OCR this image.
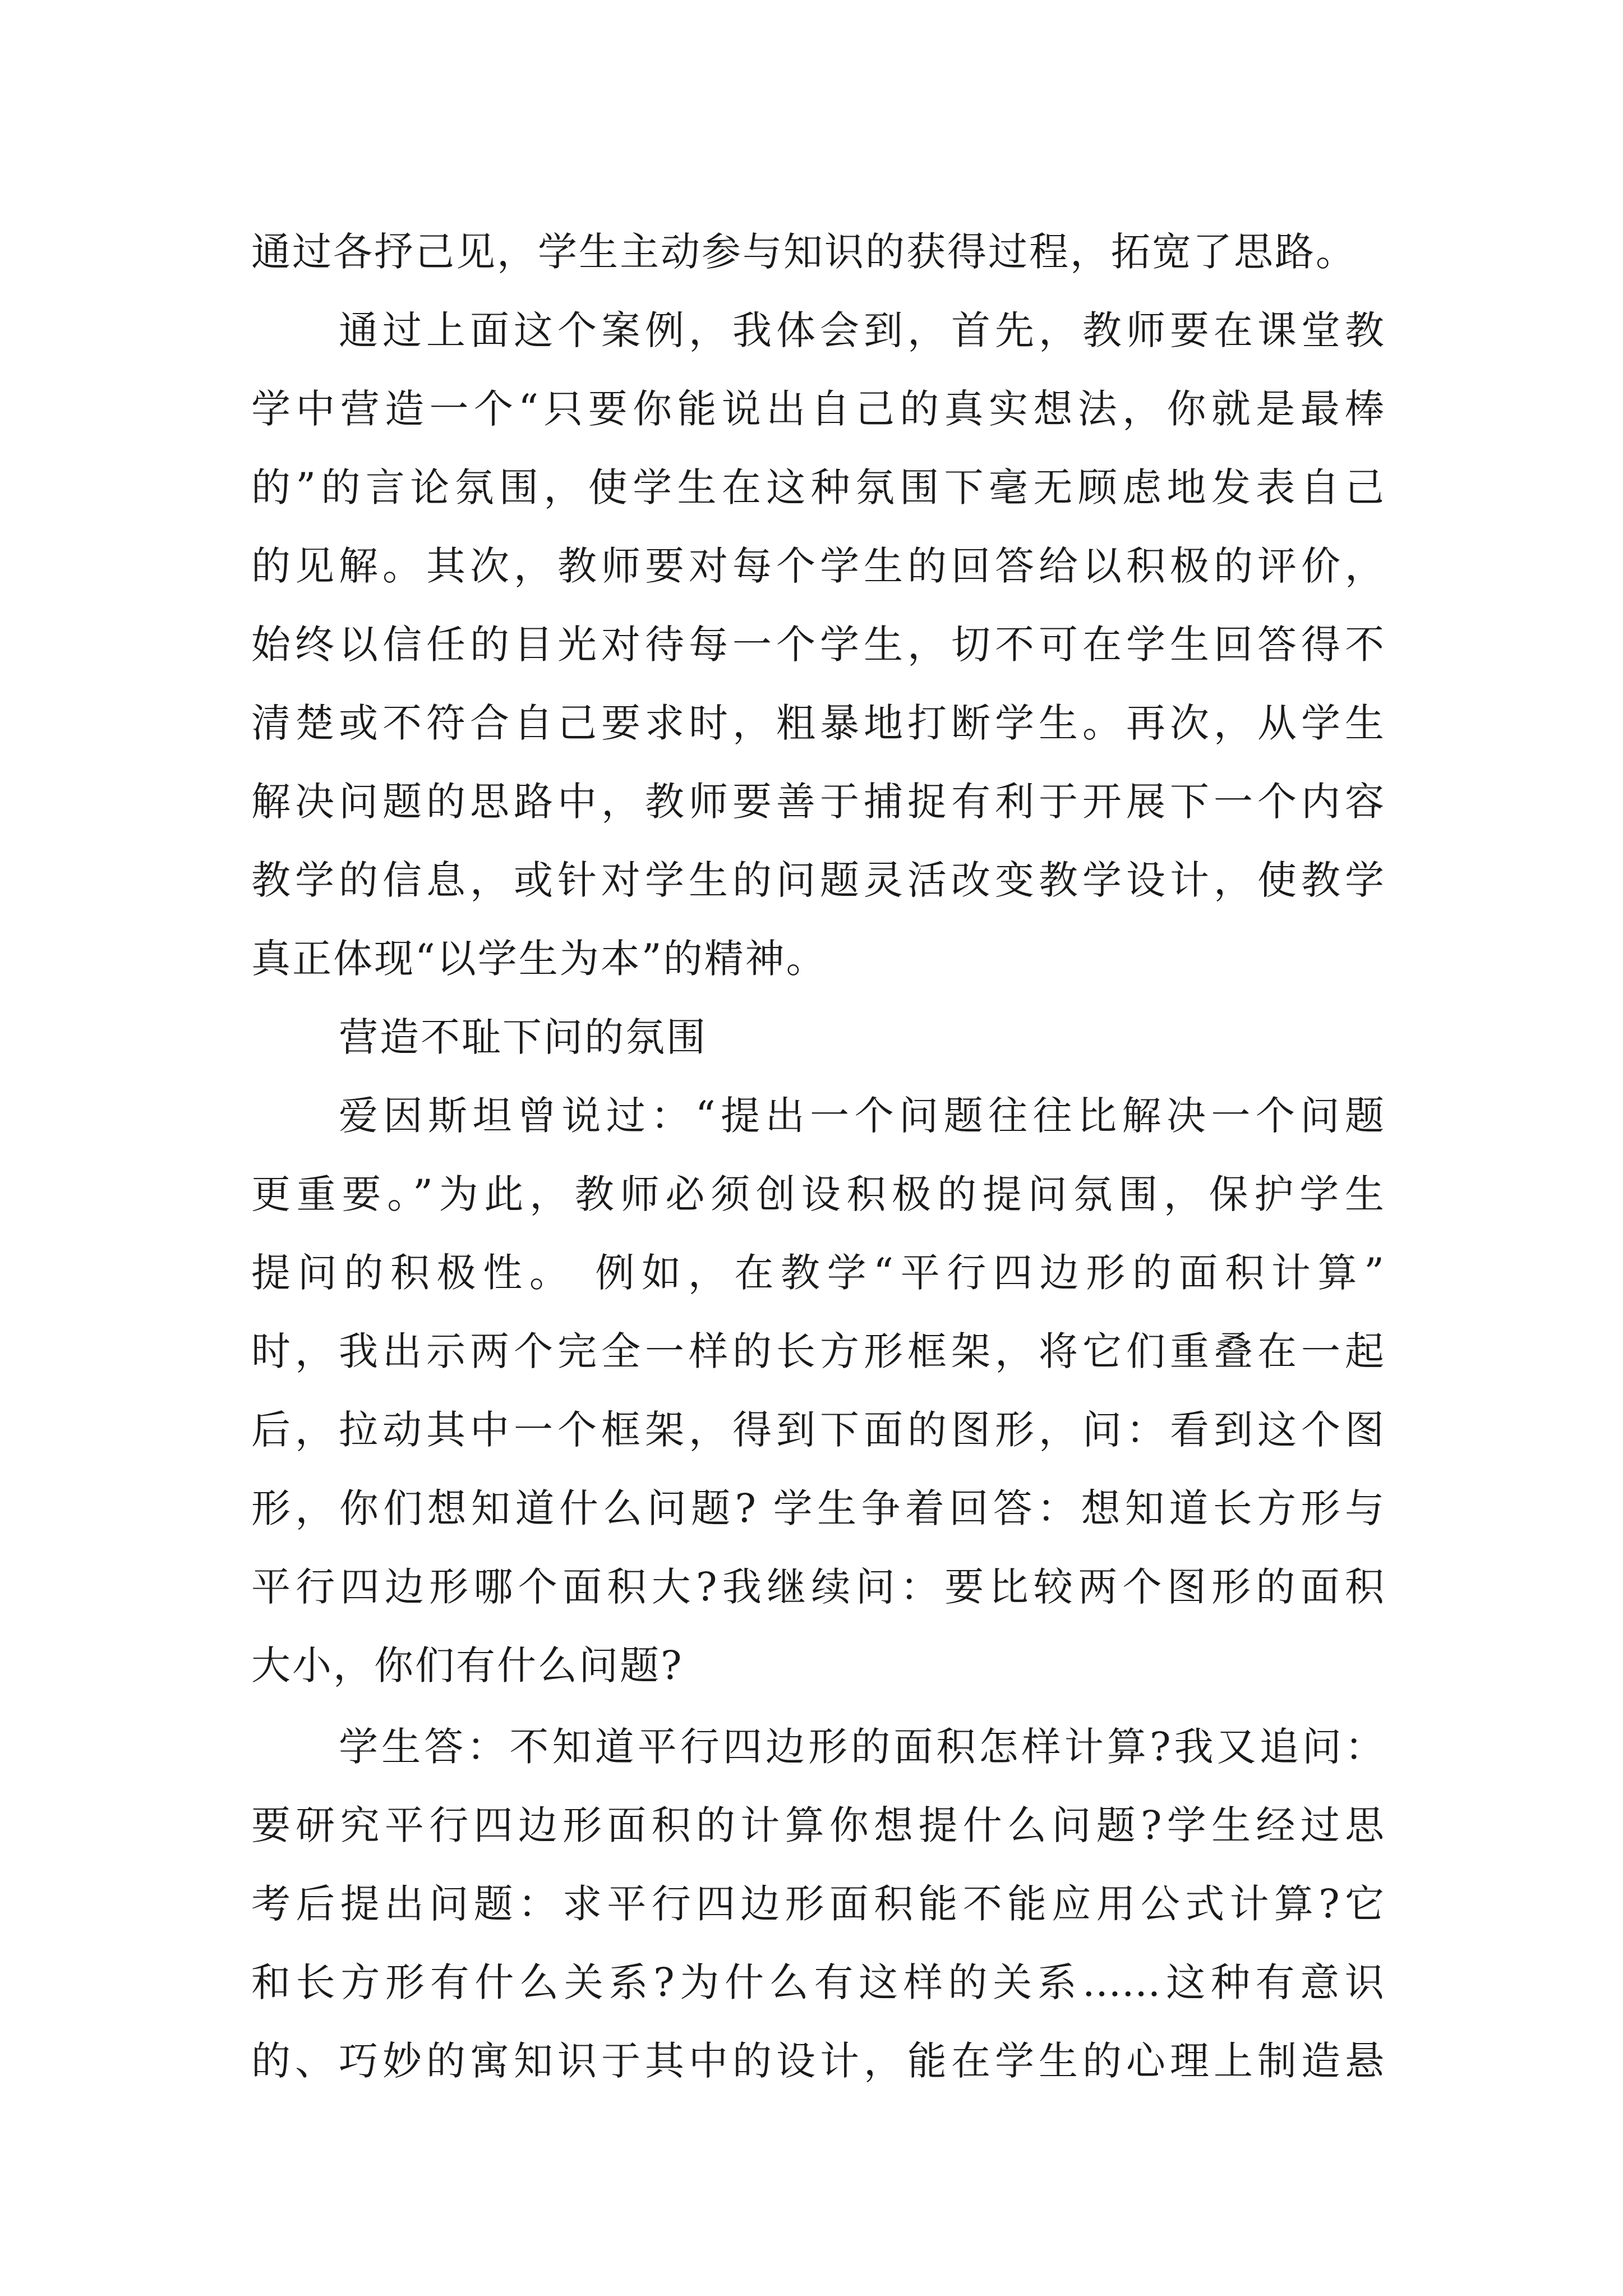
通过各抒己见，学生主动参与知识的获得过程，拓宽了思路。
通过上面这个案例，我体会到，首先，教师要在课堂教
学中营造一个“只要你能说出自己的真实想法，你就是最棒
的”的言论氛围，使学生在这种氛围下毫无顾虑地发表自己
的见解。其次，教师要对每个学生的回答给以积极的评价，
始终以信任的目光对待每一个学生，切不可在学生回答得不
清楚或不符合自己要求时，粗暴地打断学生。再次，从学生
解决问题的思路中，教师要善于捕捉有利于开展下一个内容
教学的信息，或针对学生的问题灵活改变教学设计，使教学
真正体现“以学生为本”的精神。
营造不耻下问的氛围
爱因斯坦曾说过：“提出一个问题往往比解决一个问题
更重要。”为此，教师必须创设积极的提问氛围，保护学生
提问的积极性。 例如，在教学“平行四边形的面积计算”
时，我出示两个完全一样的长方形框架，将它们重叠在一起
后，拉动其中一个框架，得到下面的图形，问：看到这个图
形，你们想知道什么问题? 学生争着回答：想知道长方形与
平行四边形哪个面积大?我继续问：要比较两个图形的面积
大小，你们有什么问题?
学生答：不知道平行四边形的面积怎样计算?我又追问：
要研究平行四边形面积的计算你想提什么问题?学生经过思
考后提出问题：求平行四边形面积能不能应用公式计算?它
和长方形有什么关系?为什么有这样的关系……这种有意识
的、巧妙的寓知识于其中的设计，能在学生的心理上制造悬
